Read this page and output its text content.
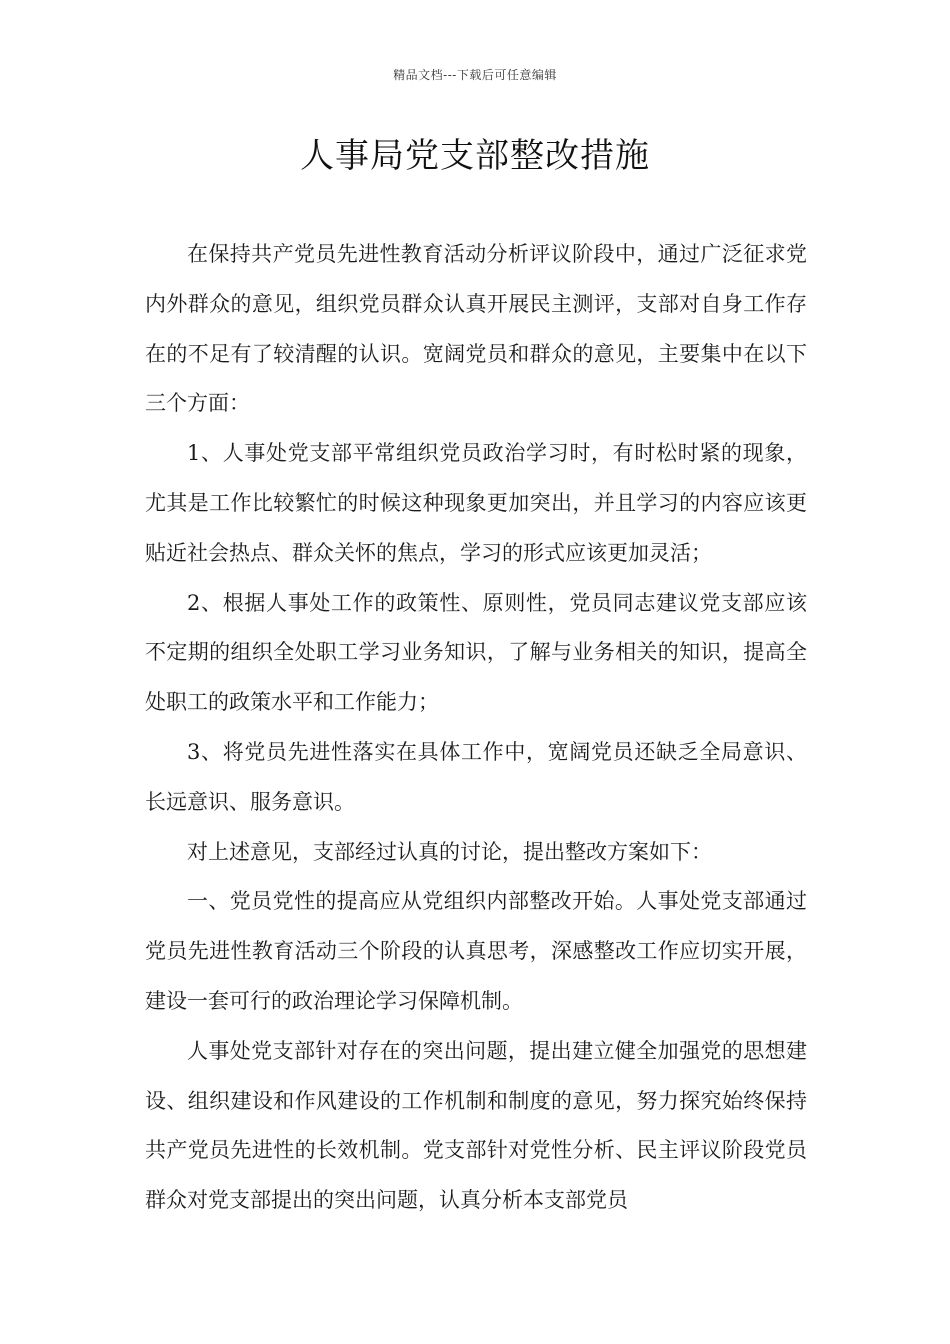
精品文档---下载后可任意编辑
人事局党支部整改措施

在保持共产党员先进性教育活动分析评议阶段中，通过广泛征求党内外群众的意见，组织党员群众认真开展民主测评，支部对自身工作存在的不足有了较清醒的认识。宽阔党员和群众的意见，主要集中在以下三个方面：

1、人事处党支部平常组织党员政治学习时，有时松时紧的现象，尤其是工作比较繁忙的时候这种现象更加突出，并且学习的内容应该更贴近社会热点、群众关怀的焦点，学习的形式应该更加灵活；

2、根据人事处工作的政策性、原则性，党员同志建议党支部应该不定期的组织全处职工学习业务知识，了解与业务相关的知识，提高全处职工的政策水平和工作能力；

3、将党员先进性落实在具体工作中，宽阔党员还缺乏全局意识、长远意识、服务意识。

对上述意见，支部经过认真的讨论，提出整改方案如下：

一、党员党性的提高应从党组织内部整改开始。人事处党支部通过党员先进性教育活动三个阶段的认真思考，深感整改工作应切实开展，建设一套可行的政治理论学习保障机制。

人事处党支部针对存在的突出问题，提出建立健全加强党的思想建设、组织建设和作风建设的工作机制和制度的意见，努力探究始终保持共产党员先进性的长效机制。党支部针对党性分析、民主评议阶段党员群众对党支部提出的突出问题，认真分析本支部党员
